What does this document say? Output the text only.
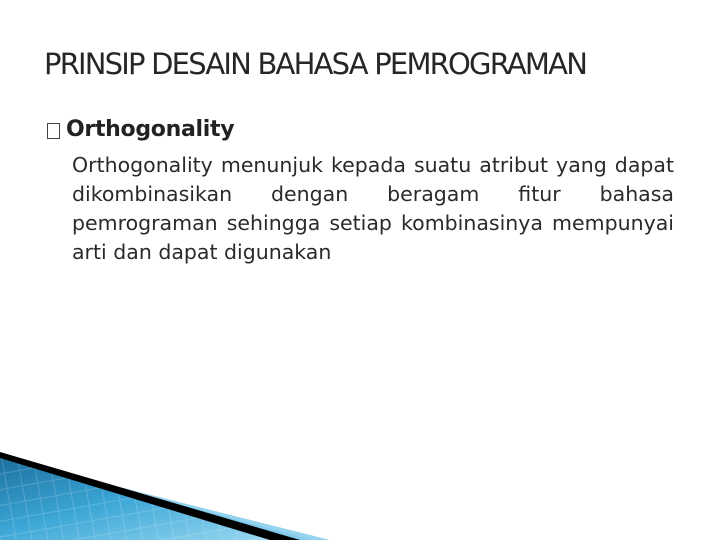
PRINSIP DESAIN BAHASA PEMROGRAMAN
Orthogonality

Orthogonality menunjuk kepada suatu atribut yang dapat dikombinasikan dengan beragam fitur bahasa pemrograman sehingga setiap kombinasinya mempunyai arti dan dapat digunakan
